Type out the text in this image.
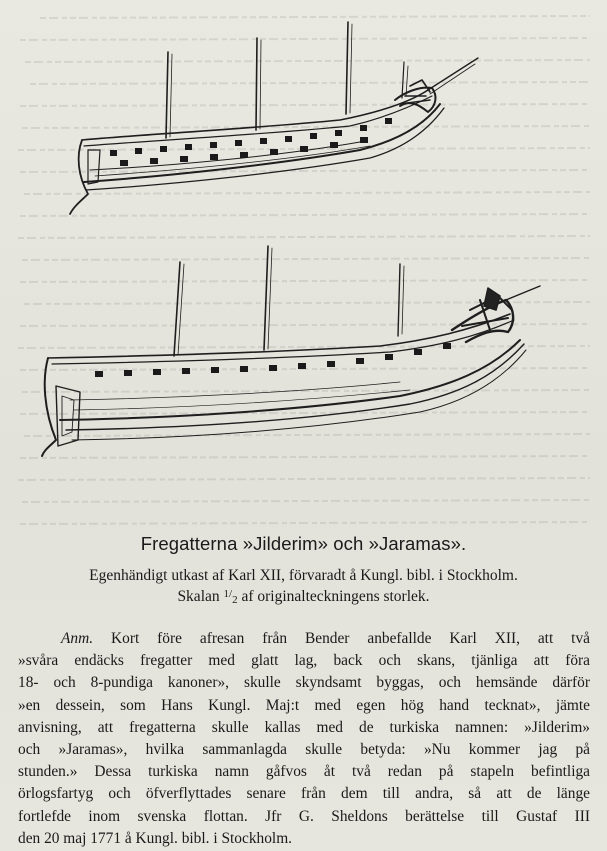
Fregatterna »Jilderim» och »Jaramas».

Egenhändigt utkast af Karl XII, förvaradt å Kungl. bibl. i Stockholm.

Skalan $^{1/2}$ af originalteckningens storlek.

Anm. Kort före afresan från Bender anbefallde Karl XII, att två
»svåra endäcks fregatter med glatt lag, back och skans, tjänliga att föra
18- och 8-pundiga kanoner», skulle skyndsamt byggas, och hemsände därför
»en dessein, som Hans Kungl. Maj:t med egen hög hand tecknat», jämte
anvisning, att fregatterna skulle kallas med de turkiska namnen: »Jilderim»
och »Jaramas», hvilka sammanlagda skulle betyda: »Nu kommer jag på
stunden.» Dessa turkiska namn gåfvos åt två redan på stapeln befintliga
örlogsfartyg och öfverflyttades senare från dem till andra, så att de länge
fortlefde inom svenska flottan. Jfr G. Sheldons berättelse till Gustaf III
den 20 maj 1771 å Kungl. bibl. i Stockholm.
